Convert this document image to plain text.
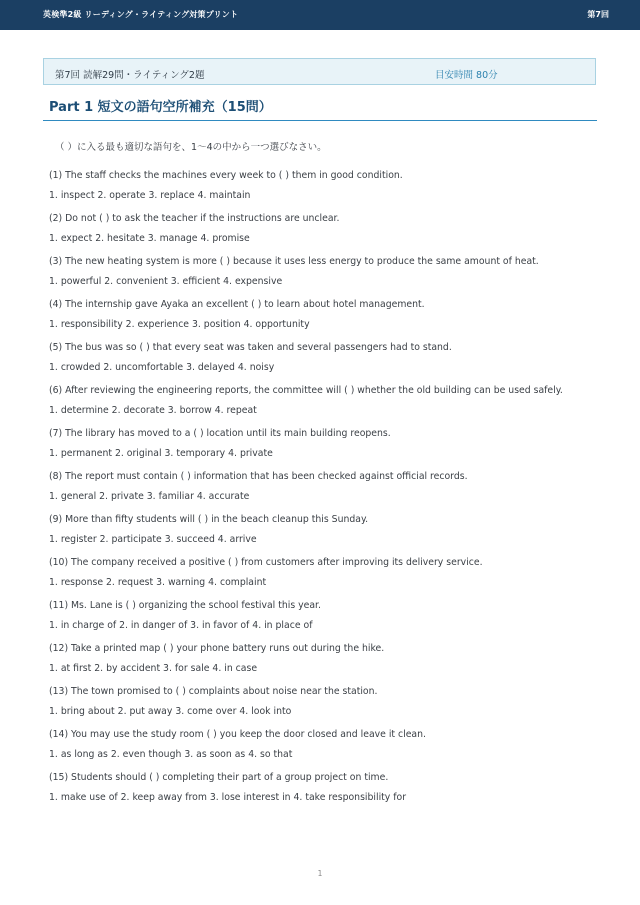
英検準2級 リーディング・ライティング対策プリント	第7回
第7回 読解29問・ライティング2題	目安時間 80分
Part 1 短文の語句空所補充（15問）
（ ）に入る最も適切な語句を、1〜4の中から一つ選びなさい。
(1) The staff checks the machines every week to ( ) them in good condition.
1. inspect 2. operate 3. replace 4. maintain
(2) Do not ( ) to ask the teacher if the instructions are unclear.
1. expect 2. hesitate 3. manage 4. promise
(3) The new heating system is more ( ) because it uses less energy to produce the same amount of heat.
1. powerful 2. convenient 3. efficient 4. expensive
(4) The internship gave Ayaka an excellent ( ) to learn about hotel management.
1. responsibility 2. experience 3. position 4. opportunity
(5) The bus was so ( ) that every seat was taken and several passengers had to stand.
1. crowded 2. uncomfortable 3. delayed 4. noisy
(6) After reviewing the engineering reports, the committee will ( ) whether the old building can be used safely.
1. determine 2. decorate 3. borrow 4. repeat
(7) The library has moved to a ( ) location until its main building reopens.
1. permanent 2. original 3. temporary 4. private
(8) The report must contain ( ) information that has been checked against official records.
1. general 2. private 3. familiar 4. accurate
(9) More than fifty students will ( ) in the beach cleanup this Sunday.
1. register 2. participate 3. succeed 4. arrive
(10) The company received a positive ( ) from customers after improving its delivery service.
1. response 2. request 3. warning 4. complaint
(11) Ms. Lane is ( ) organizing the school festival this year.
1. in charge of 2. in danger of 3. in favor of 4. in place of
(12) Take a printed map ( ) your phone battery runs out during the hike.
1. at first 2. by accident 3. for sale 4. in case
(13) The town promised to ( ) complaints about noise near the station.
1. bring about 2. put away 3. come over 4. look into
(14) You may use the study room ( ) you keep the door closed and leave it clean.
1. as long as 2. even though 3. as soon as 4. so that
(15) Students should ( ) completing their part of a group project on time.
1. make use of 2. keep away from 3. lose interest in 4. take responsibility for
1
